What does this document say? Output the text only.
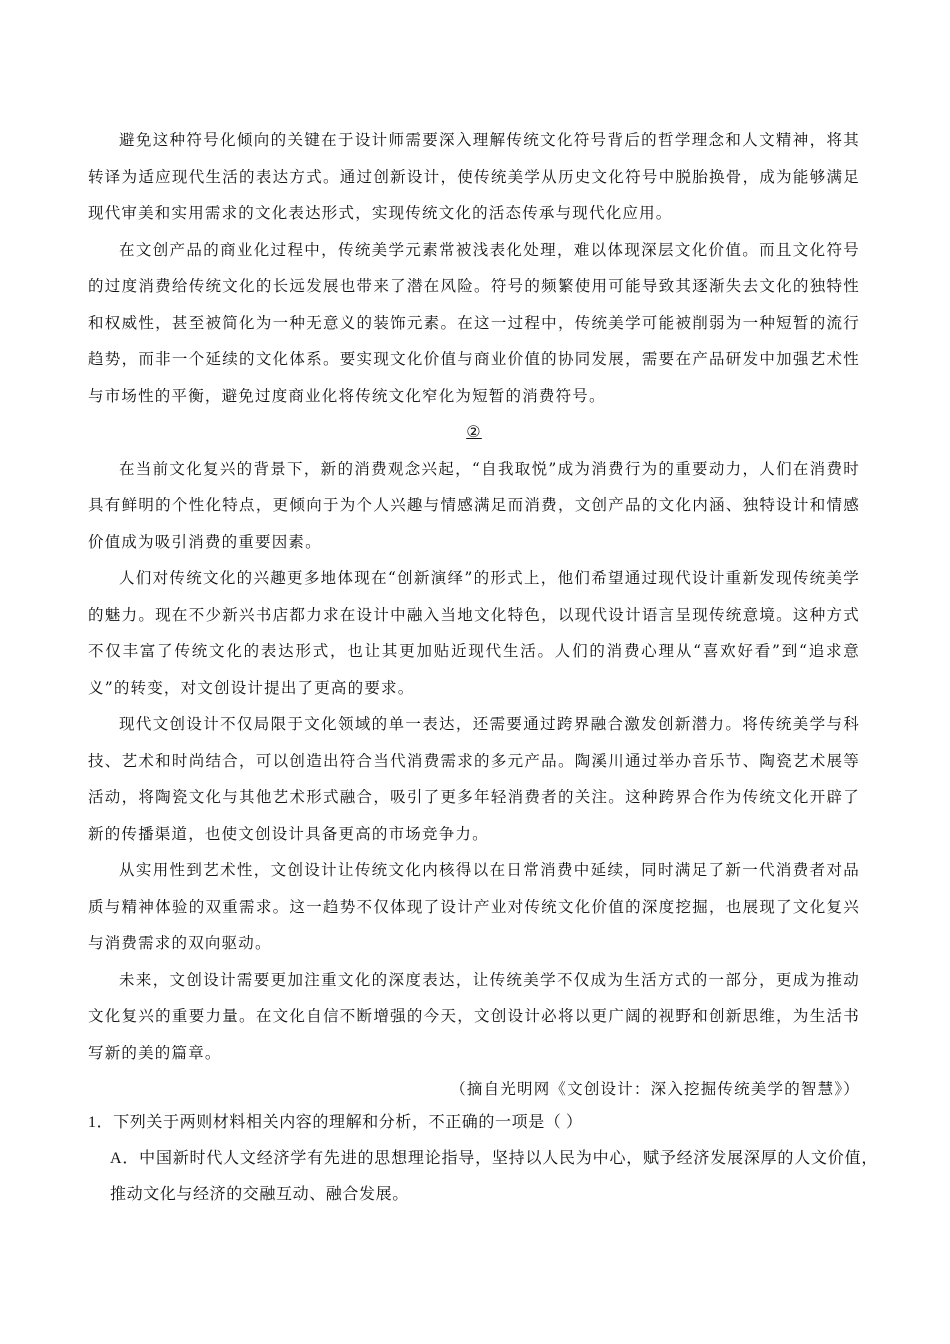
避免这种符号化倾向的关键在于设计师需要深入理解传统文化符号背后的哲学理念和人文精神，将其转译为适应现代生活的表达方式。通过创新设计，使传统美学从历史文化符号中脱胎换骨，成为能够满足现代审美和实用需求的文化表达形式，实现传统文化的活态传承与现代化应用。

在文创产品的商业化过程中，传统美学元素常被浅表化处理，难以体现深层文化价值。而且文化符号的过度消费给传统文化的长远发展也带来了潜在风险。符号的频繁使用可能导致其逐渐失去文化的独特性和权威性，甚至被简化为一种无意义的装饰元素。在这一过程中，传统美学可能被削弱为一种短暂的流行趋势，而非一个延续的文化体系。要实现文化价值与商业价值的协同发展，需要在产品研发中加强艺术性与市场性的平衡，避免过度商业化将传统文化窄化为短暂的消费符号。

②

在当前文化复兴的背景下，新的消费观念兴起，“自我取悦”成为消费行为的重要动力，人们在消费时具有鲜明的个性化特点，更倾向于为个人兴趣与情感满足而消费，文创产品的文化内涵、独特设计和情感价值成为吸引消费的重要因素。

人们对传统文化的兴趣更多地体现在“创新演绎”的形式上，他们希望通过现代设计重新发现传统美学的魅力。现在不少新兴书店都力求在设计中融入当地文化特色，以现代设计语言呈现传统意境。这种方式不仅丰富了传统文化的表达形式，也让其更加贴近现代生活。人们的消费心理从“喜欢好看”到“追求意义”的转变，对文创设计提出了更高的要求。

现代文创设计不仅局限于文化领域的单一表达，还需要通过跨界融合激发创新潜力。将传统美学与科技、艺术和时尚结合，可以创造出符合当代消费需求的多元产品。陶溪川通过举办音乐节、陶瓷艺术展等活动，将陶瓷文化与其他艺术形式融合，吸引了更多年轻消费者的关注。这种跨界合作为传统文化开辟了新的传播渠道，也使文创设计具备更高的市场竞争力。

从实用性到艺术性，文创设计让传统文化内核得以在日常消费中延续，同时满足了新一代消费者对品质与精神体验的双重需求。这一趋势不仅体现了设计产业对传统文化价值的深度挖掘，也展现了文化复兴与消费需求的双向驱动。

未来，文创设计需要更加注重文化的深度表达，让传统美学不仅成为生活方式的一部分，更成为推动文化复兴的重要力量。在文化自信不断增强的今天，文创设计必将以更广阔的视野和创新思维，为生活书写新的美的篇章。

（摘自光明网《文创设计：深入挖掘传统美学的智慧》）

1．下列关于两则材料相关内容的理解和分析，不正确的一项是（ ）

A．中国新时代人文经济学有先进的思想理论指导，坚持以人民为中心，赋予经济发展深厚的人文价值，推动文化与经济的交融互动、融合发展。
